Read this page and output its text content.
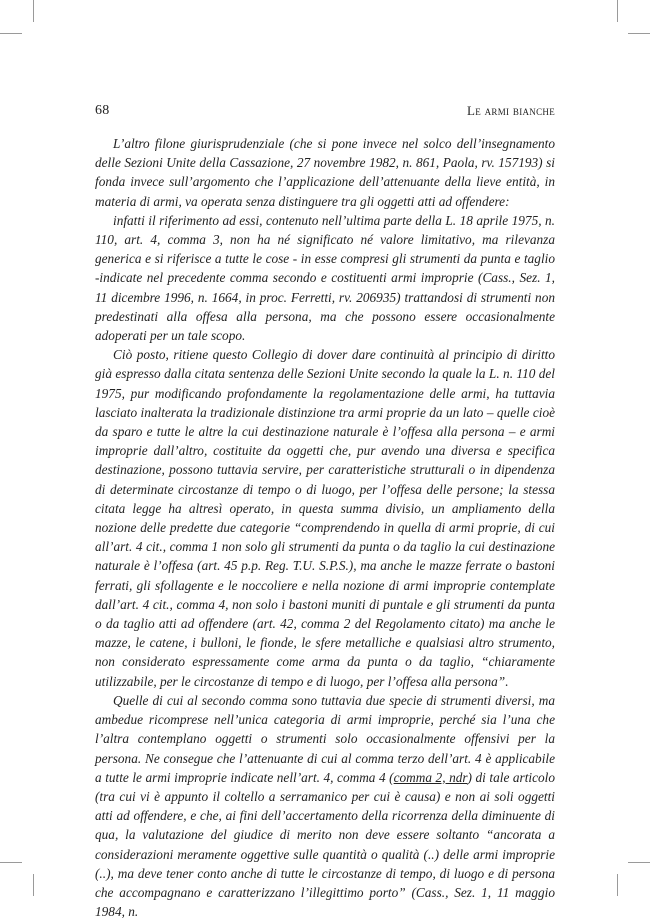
68	Le armi bianche

L’altro filone giurisprudenziale (che si pone invece nel solco dell’insegnamento delle Sezioni Unite della Cassazione, 27 novembre 1982, n. 861, Paola, rv. 157193) si fonda invece sull’argomento che l’applicazione dell’attenuante della lieve entità, in materia di armi, va operata senza distinguere tra gli oggetti atti ad offendere:

infatti il riferimento ad essi, contenuto nell’ultima parte della L. 18 aprile 1975, n. 110, art. 4, comma 3, non ha né significato né valore limitativo, ma rilevanza generica e si riferisce a tutte le cose - in esse compresi gli strumenti da punta e taglio -indicate nel precedente comma secondo e costituenti armi improprie (Cass., Sez. 1, 11 dicembre 1996, n. 1664, in proc. Ferretti, rv. 206935) trattandosi di strumenti non predestinati alla offesa alla persona, ma che possono essere occasionalmente adoperati per un tale scopo.

Ciò posto, ritiene questo Collegio di dover dare continuità al principio di diritto già espresso dalla citata sentenza delle Sezioni Unite secondo la quale la L. n. 110 del 1975, pur modificando profondamente la regolamentazione delle armi, ha tuttavia lasciato inalterata la tradizionale distinzione tra armi proprie da un lato – quelle cioè da sparo e tutte le altre la cui destinazione naturale è l’offesa alla persona – e armi improprie dall’altro, costituite da oggetti che, pur avendo una diversa e specifica destinazione, possono tuttavia servire, per caratteristiche strutturali o in dipendenza di determinate circostanze di tempo o di luogo, per l’offesa delle persone; la stessa citata legge ha altresì operato, in questa summa divisio, un ampliamento della nozione delle predette due categorie “comprendendo in quella di armi proprie, di cui all’art. 4 cit., comma 1 non solo gli strumenti da punta o da taglio la cui destinazione naturale è l’offesa (art. 45 p.p. Reg. T.U. S.P.S.), ma anche le mazze ferrate o bastoni ferrati, gli sfollagente e le noccoliere e nella nozione di armi improprie contemplate dall’art. 4 cit., comma 4, non solo i bastoni muniti di puntale e gli strumenti da punta o da taglio atti ad offendere (art. 42, comma 2 del Regolamento citato) ma anche le mazze, le catene, i bulloni, le fionde, le sfere metalliche e qualsiasi altro strumento, non considerato espressamente come arma da punta o da taglio, “chiaramente utilizzabile, per le circostanze di tempo e di luogo, per l’offesa alla persona”.

Quelle di cui al secondo comma sono tuttavia due specie di strumenti diversi, ma ambedue ricomprese nell’unica categoria di armi improprie, perché sia l’una che l’altra contemplano oggetti o strumenti solo occasionalmente offensivi per la persona. Ne consegue che l’attenuante di cui al comma terzo dell’art. 4 è applicabile a tutte le armi improprie indicate nell’art. 4, comma 4 (comma 2, ndr) di tale articolo (tra cui vi è appunto il coltello a serramanico per cui è causa) e non ai soli oggetti atti ad offendere, e che, ai fini dell’accertamento della ricorrenza della diminuente di qua, la valutazione del giudice di merito non deve essere soltanto “ancorata a considerazioni meramente oggettive sulle quantità o qualità (..) delle armi improprie (..), ma deve tener conto anche di tutte le circostanze di tempo, di luogo e di persona che accompagnano e caratterizzano l’illegittimo porto” (Cass., Sez. 1, 11 maggio 1984, n.
